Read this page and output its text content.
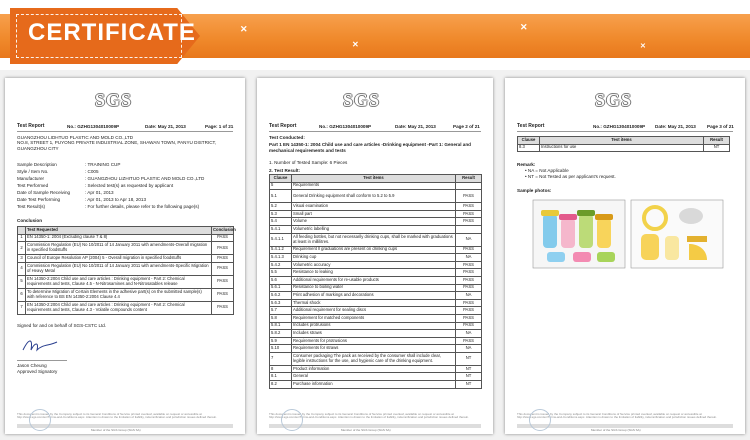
✕
✕
✕
✕
CERTIFICATE
SGS
Test Report	No.: GZHG1304010009P	Date: May 21, 2013	Page: 1 of 21
GUANGZHOU LIDHTUO PLASTIC AND MOLD CO.,LTD
NO.8, STREET 1, PUYONG PRIVATE INDUSTRIAL ZONE, SHAWAN TOWN, PANYU DISTRICT, GUANGZHOU CITY
Sample Description	: TRAINING CUP
Style / Item No.	: C005
Manufacturer	: GUANGZHOU LIZHITUO PLASTIC AND MOLD CO.,LTD
Test Performed	: Selected test(s) as requested by applicant
Date of Sample Receiving	: Apr 01, 2013
Date Test Performing	: Apr 01, 2013 to Apr 18, 2013
Test Result(s)	: For further details, please refer to the following page(s)
Conclusion
	Test Requested	Conclusion
1	EN 14350-1: 2004 (Excluding clause 7 & 8)	PASS
2	Commission Regulation (EU) No 10/2011 of 14 January 2011 with amendments-Overall migration in specified foodstuffs	PASS
3	Council of Europe Resolution AP (2004) 5 - Overall migration in specified foodstuffs	PASS
4	Commission Regulation (EU) No 10/2011 of 14 January 2011 with amendments-Specific Migration of Heavy Metal	PASS
5	EN 14350-2:2004 Child use and care articles : Drinking equipment - Part 2: Chemical requirements and tests, Clause 4.5 - N-Nitrosamines and N-Nitrosatables release	PASS
6	To determine Migration of Certain Elements in the adhesive part(s) on the submitted sample(s) with reference to BS EN 14350-2:2004 Clause 4.4	PASS
7	EN 14350-2:2004 Child use and care articles : Drinking equipment - Part 2: Chemical requirements and tests, Clause 4.3 - Volatile compounds content	PASS
Signed for and on behalf of SGS-CSTC Ltd.
Jason Cheung
Approved Signatory
This document is issued by the Company subject to its General Conditions of Service printed overleaf, available on request or accessible at http://www.sgs.com/en/Terms-and-Conditions.aspx. Attention is drawn to the limitation of liability, indemnification and jurisdiction issues defined therein.
Member of the SGS Group (SGS SA)
SGS
Test Report	No.: GZHG1304010009P	Date: May 21, 2013	Page 2 of 21
Test Conducted:
Part 1 EN 14350-1: 2004 Child use and care articles -Drinking equipment -Part 1: General and mechanical requirements and tests
1. Number of Tested Sample: 6 Pieces
2. Test Result:
Clause	Test items	Result
5	Requirements	
5.1	General Drinking equipment shall conform to 5.2 to 5.9	PASS
5.2	Visual examination	PASS
5.3	Small part	PASS
5.4	Volume	PASS
5.4.1	Volumetric labelling	
5.4.1.1	All feeding bottles, but not necessarily drinking cups, shall be marked with graduations at least in millilitres.	NA
5.4.1.2	Requirement ll graduations are present on drinking cups	PASS
5.4.1.3	Drinking cup	NA
5.4.2	Volumetric accuracy	PASS
5.5	Resistance to leaking	PASS
5.6	Additional requirements for re-usable products	PASS
5.6.1	Resistance to boiling water	PASS
5.6.2	Print adhesion of markings and decorations	NA
5.6.3	Thermal shock	PASS
5.7	Additional requirement for sealing discs	PASS
5.8	Requirement for matched components	PASS
5.8.1	Includes protrusions	PASS
5.8.2	Includes straws	NA
5.9	Requirements for protrusions	PASS
5.10	Requirements for straws	NA
7	Consumer packaging The pack as received by the consumer shall include clear, legible instructions for the use, and hygienic care of the drinking equipment.	NT
8	Product information	NT
8.1	General	NT
8.2	Purchase information	NT
This document is issued by the Company subject to its General Conditions of Service printed overleaf, available on request or accessible at http://www.sgs.com/en/Terms-and-Conditions.aspx. Attention is drawn to the limitation of liability, indemnification and jurisdiction issues defined therein.
Member of the SGS Group (SGS SA)
SGS
Test Report	No.: GZHG1304010009P Date: May 21, 2013 Page 3 of 21
Clause	Test items	Result
8.3	Instructions for use	NT
Remark:
• NA = Not Applicable
• NT = Not Tested as per applicant's request.
Sample photos:
This document is issued by the Company subject to its General Conditions of Service printed overleaf, available on request or accessible at http://www.sgs.com/en/Terms-and-Conditions.aspx. Attention is drawn to the limitation of liability, indemnification and jurisdiction issues defined therein.
Member of the SGS Group (SGS SA)
